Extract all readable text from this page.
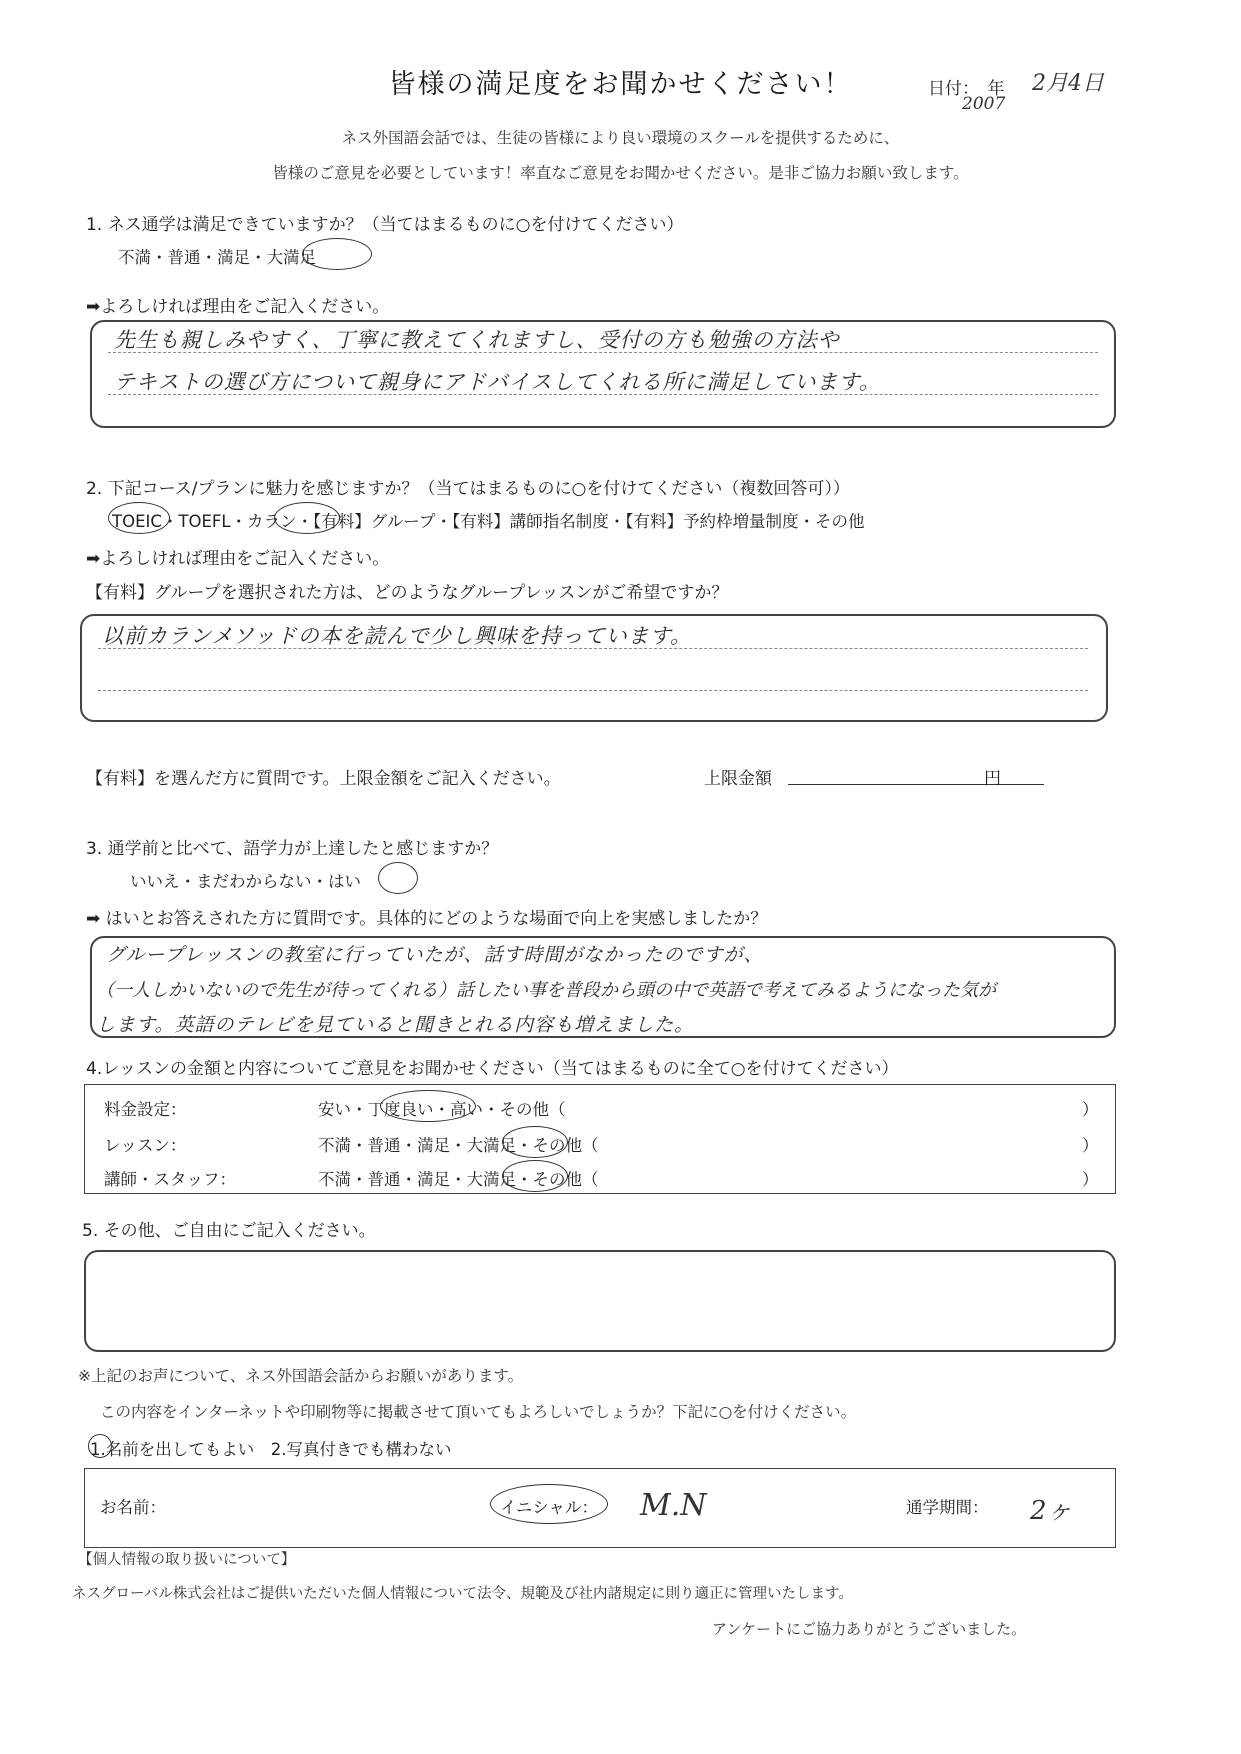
皆様の満足度をお聞かせください！	日付：　年 2月4日
2007
ネス外国語会話では、生徒の皆様により良い環境のスクールを提供するために、
皆様のご意見を必要としています！率直なご意見をお聞かせください。是非ご協力お願い致します。
1. ネス通学は満足できていますか？（当てはまるものに○を付けてください）
不満・普通・満足・大満足
➡よろしければ理由をご記入ください。
先生も親しみやすく、丁寧に教えてくれますし、受付の方も勉強の方法や
テキストの選び方について親身にアドバイスしてくれる所に満足しています。
2. 下記コース/プランに魅力を感じますか？（当てはまるものに○を付けてください（複数回答可））
TOEIC・TOEFL・カラン・【有料】グループ・【有料】講師指名制度・【有料】予約枠増量制度・その他
➡よろしければ理由をご記入ください。
【有料】グループを選択された方は、どのようなグループレッスンがご希望ですか？
以前カランメソッドの本を読んで少し興味を持っています。
【有料】を選んだ方に質問です。上限金額をご記入ください。	上限金額	円
3. 通学前と比べて、語学力が上達したと感じますか？
いいえ・まだわからない・はい
➡ はいとお答えされた方に質問です。具体的にどのような場面で向上を実感しましたか？
グループレッスンの教室に行っていたが、話す時間がなかったのですが、
（一人しかいないので先生が待ってくれる）話したい事を普段から頭の中で英語で考えてみるようになった気が
します。英語のテレビを見ていると聞きとれる内容も増えました。
4.レッスンの金額と内容についてご意見をお聞かせください（当てはまるものに全て○を付けてください）
料金設定：	安い・丁度良い・高い・その他（	）
レッスン：	不満・普通・満足・大満足・その他（	）
講師・スタッフ：	不満・普通・満足・大満足・その他（	）
5. その他、ご自由にご記入ください。
※上記のお声について、ネス外国語会話からお願いがあります。
この内容をインターネットや印刷物等に掲載させて頂いてもよろしいでしょうか？下記に○を付けください。
1.名前を出してもよい　2.写真付きでも構わない
お名前：	イニシャル： M.N	通学期間： 2ヶ
【個人情報の取り扱いについて】
ネスグローバル株式会社はご提供いただいた個人情報について法令、規範及び社内諸規定に則り適正に管理いたします。
アンケートにご協力ありがとうございました。
